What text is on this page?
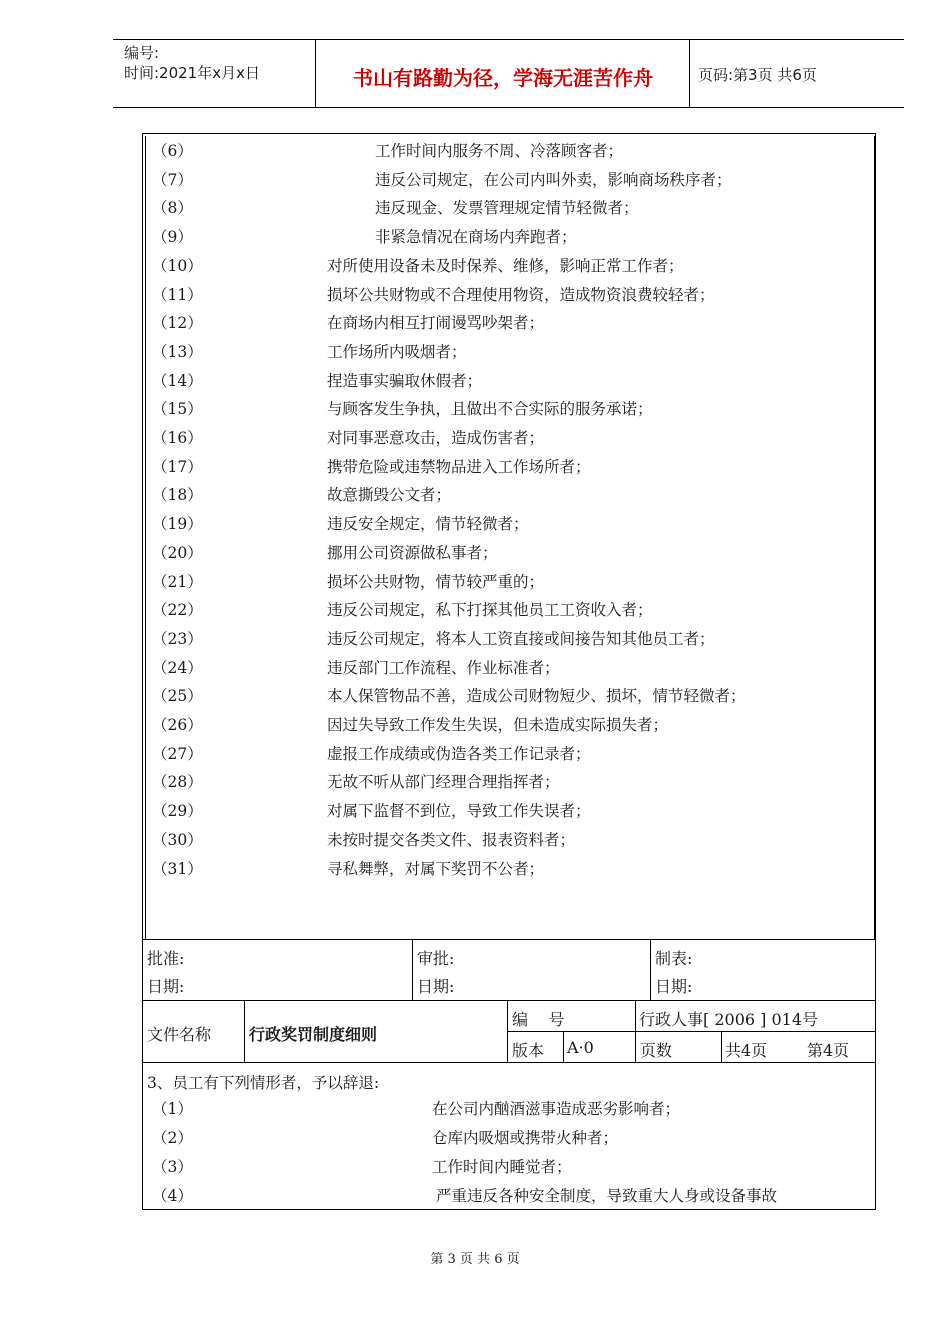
编号:
时间:2021年x月x日	书山有路勤为径，学海无涯苦作舟	页码:第3页 共6页
（6）	工作时间内服务不周、冷落顾客者；
（7）	违反公司规定，在公司内叫外卖，影响商场秩序者；
（8）	违反现金、发票管理规定情节轻微者；
（9）	非紧急情况在商场内奔跑者；
（10）	对所使用设备未及时保养、维修，影响正常工作者；
（11）	损坏公共财物或不合理使用物资，造成物资浪费较轻者；
（12）	在商场内相互打闹谩骂吵架者；
（13）	工作场所内吸烟者；
（14）	捏造事实骗取休假者；
（15）	与顾客发生争执，且做出不合实际的服务承诺；
（16）	对同事恶意攻击，造成伤害者；
（17）	携带危险或违禁物品进入工作场所者；
（18）	故意撕毁公文者；
（19）	违反安全规定，情节轻微者；
（20）	挪用公司资源做私事者；
（21）	损坏公共财物，情节较严重的；
（22）	违反公司规定，私下打探其他员工工资收入者；
（23）	违反公司规定，将本人工资直接或间接告知其他员工者；
（24）	违反部门工作流程、作业标准者；
（25）	本人保管物品不善，造成公司财物短少、损坏，情节轻微者；
（26）	因过失导致工作发生失误，但未造成实际损失者；
（27）	虚报工作成绩或伪造各类工作记录者；
（28）	无故不听从部门经理合理指挥者；
（29）	对属下监督不到位，导致工作失误者；
（30）	未按时提交各类文件、报表资料者；
（31）	寻私舞弊，对属下奖罚不公者；
批准:
日期:
审批:
日期:
制表:
日期:
文件名称 行政奖罚制度细则
编    号	行政人事[ 2006 ] 014号
版本 A·0	页数	共4页 第4页
3、员工有下列情形者，予以辞退:
（1）	在公司内酗酒滋事造成恶劣影响者；
（2）	仓库内吸烟或携带火种者；
（3）	工作时间内睡觉者；
（4）	严重违反各种安全制度，导致重大人身或设备事故
第 3 页 共 6 页
